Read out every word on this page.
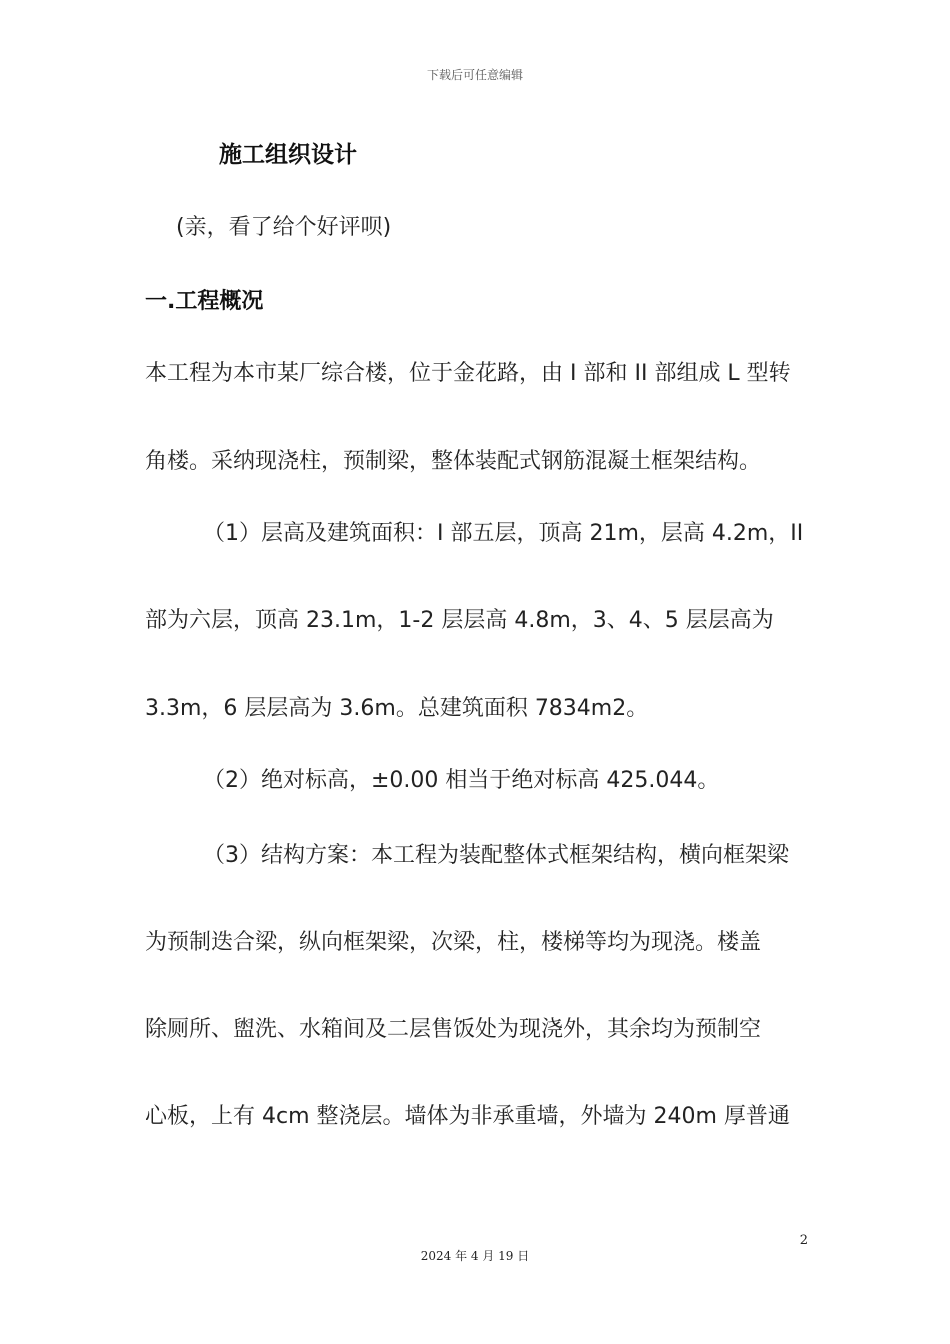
下载后可任意编辑
施工组织设计
(亲，看了给个好评呗)
一.工程概况
本工程为本市某厂综合楼，位于金花路，由 I 部和 II 部组成 L 型转
角楼。采纳现浇柱，预制梁，整体装配式钢筋混凝土框架结构。
（1）层高及建筑面积：I 部五层，顶高 21m，层高 4.2m，II
部为六层，顶高 23.1m，1-2 层层高 4.8m，3、4、5 层层高为
3.3m，6 层层高为 3.6m。总建筑面积 7834m2。
（2）绝对标高，±0.00 相当于绝对标高 425.044。
（3）结构方案：本工程为装配整体式框架结构，横向框架梁
为预制迭合梁，纵向框架梁，次梁，柱，楼梯等均为现浇。楼盖
除厕所、盥洗、水箱间及二层售饭处为现浇外，其余均为预制空
心板，上有 4cm 整浇层。墙体为非承重墙，外墙为 240m 厚普通
2
2024 年 4 月 19 日
